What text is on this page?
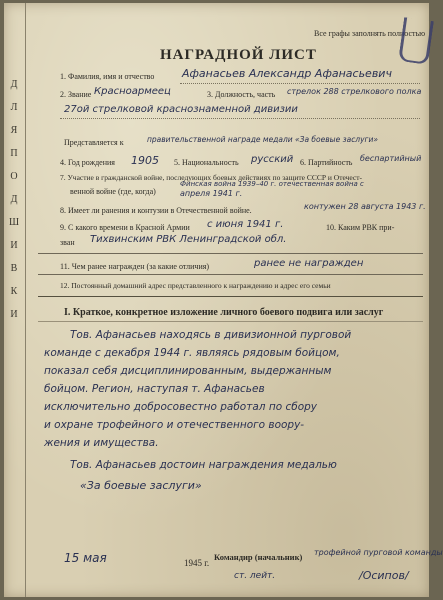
Д Л Я П О Д Ш И В К И
Все графы заполнять полностью
НАГРАДНОЙ ЛИСТ
1. Фамилия, имя и отчество	Афанасьев Александр Афанасьевич
2. Звание Красноармеец	3. Должность, часть стрелок 288 стрелкового полка
27ой стрелковой краснознаменной дивизии
Представляется к	правительственной награде медали «За боевые заслуги»
4. Год рождения 1905 5. Национальность русский 6. Партийность беспартийный
7. Участие в гражданской войне, последующих боевых действиях по защите СССР и Отечест-
венной войне (где, когда)
Финская война 1939–40 г. отечественная война с
апреля 1941 г.
8. Имеет ли ранения и контузии в Отечественной войне.	контужен 28 августа 1943 г.
9. С какого времени в Красной Армии с июня 1941 г.	10. Каким РВК при-
зван Тихвинским РВК Ленинградской обл.
11. Чем ранее награжден (за какие отличия)	ранее не награжден
12. Постоянный домашний адрес представленного к награждению и адрес его семьи
I. Краткое, конкретное изложение личного боевого подвига или заслуг
Тов. Афанасьев находясь в дивизионной пурговой
команде с декабря 1944 г. являясь рядовым бойцом,
показал себя дисциплинированным, выдержанным
бойцом. Регион, наступая т. Афанасьев
исключительно добросовестно работал по сбору
и охране трофейного и отечественного воору-
жения и имущества.
Тов. Афанасьев достоин награждения медалью
«За боевые заслуги»
15 мая	1945 г.
Командир (начальник) трофейной пурговой команды
ст. лейт.	/Осипов/
